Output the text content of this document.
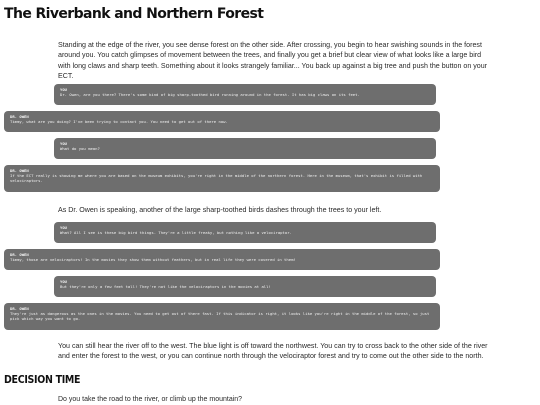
The Riverbank and Northern Forest

Standing at the edge of the river, you see dense forest on the other side. After crossing, you begin to hear swishing sounds in the forest around you. You catch glimpses of movement between the trees, and finally you get a brief but clear view of what looks like a large bird with long claws and sharp teeth. Something about it looks strangely familiar... You back up against a big tree and push the button on your ECT.

YOU
Dr. Owen, are you there? There's some kind of big sharp-toothed bird running around in the forest. It has big claws on its feet.
DR. OWEN
Timmy, what are you doing? I've been trying to contact you. You need to get out of there now.
YOU
What do you mean?
DR. OWEN
If the ECT really is showing me where you are based on the museum exhibits, you're right in the middle of the northern forest. Here in the museum, that's exhibit is filled with velociraptors.

As Dr. Owen is speaking, another of the large sharp-toothed birds dashes through the trees to your left.

YOU
What? All I see is these big bird things. They're a little freaky, but nothing like a velociraptor.
DR. OWEN
Timmy, those are velociraptors! In the movies they show them without feathers, but in real life they were covered in them!
YOU
But they're only a few feet tall! They're not like the velociraptors in the movies at all!
DR. OWEN
They're just as dangerous as the ones in the movies. You need to get out of there fast. If this indicator is right, it looks like you're right in the middle of the forest, so just pick which way you want to go.

You can still hear the river off to the west. The blue light is off toward the northwest. You can try to cross back to the other side of the river and enter the forest to the west, or you can continue north through the velociraptor forest and try to come out the other side to the north.

DECISION TIME

Do you take the road to the river, or climb up the mountain?
